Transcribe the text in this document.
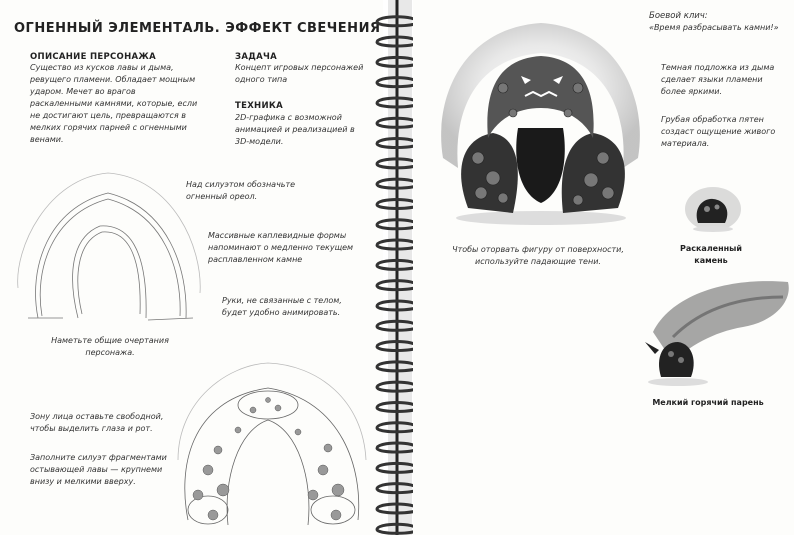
ОГНЕННЫЙ ЭЛЕМЕНТАЛЬ. ЭФФЕКТ СВЕЧЕНИЯ
ОПИСАНИЕ ПЕРСОНАЖА
Существо из кусков лавы и дыма, ревущего пламени. Обладает мощным ударом. Мечет во врагов раскаленными камнями, которые, если не достигают цель, превращаются в мелких горячих парней с огненными венами.
ЗАДАЧА
Концепт игровых персонажей одного типа
ТЕХНИКА
2D-графика с возможной анимацией и реализацией в 3D-модели.
Над силуэтом обозначьте огненный ореол.
Массивные каплевидные формы напоминают о медленно текущем расплавленном камне
Руки, не связанные с телом, будет удобно анимировать.
Наметьте общие очертания персонажа.
Зону лица оставьте свободной, чтобы выделить глаза и рот.
Заполните силуэт фрагментами остывающей лавы — крупнеми внизу и мелкими вверху.
Боевой клич:
«Время разбрасывать камни!»
Темная подложка из дыма сделает языки пламени более яркими.
Грубая обработка пятен создаст ощущение живого материала.
Чтобы оторвать фигуру от поверхности, используйте падающие тени.
Раскаленный камень
Мелкий горячий парень
